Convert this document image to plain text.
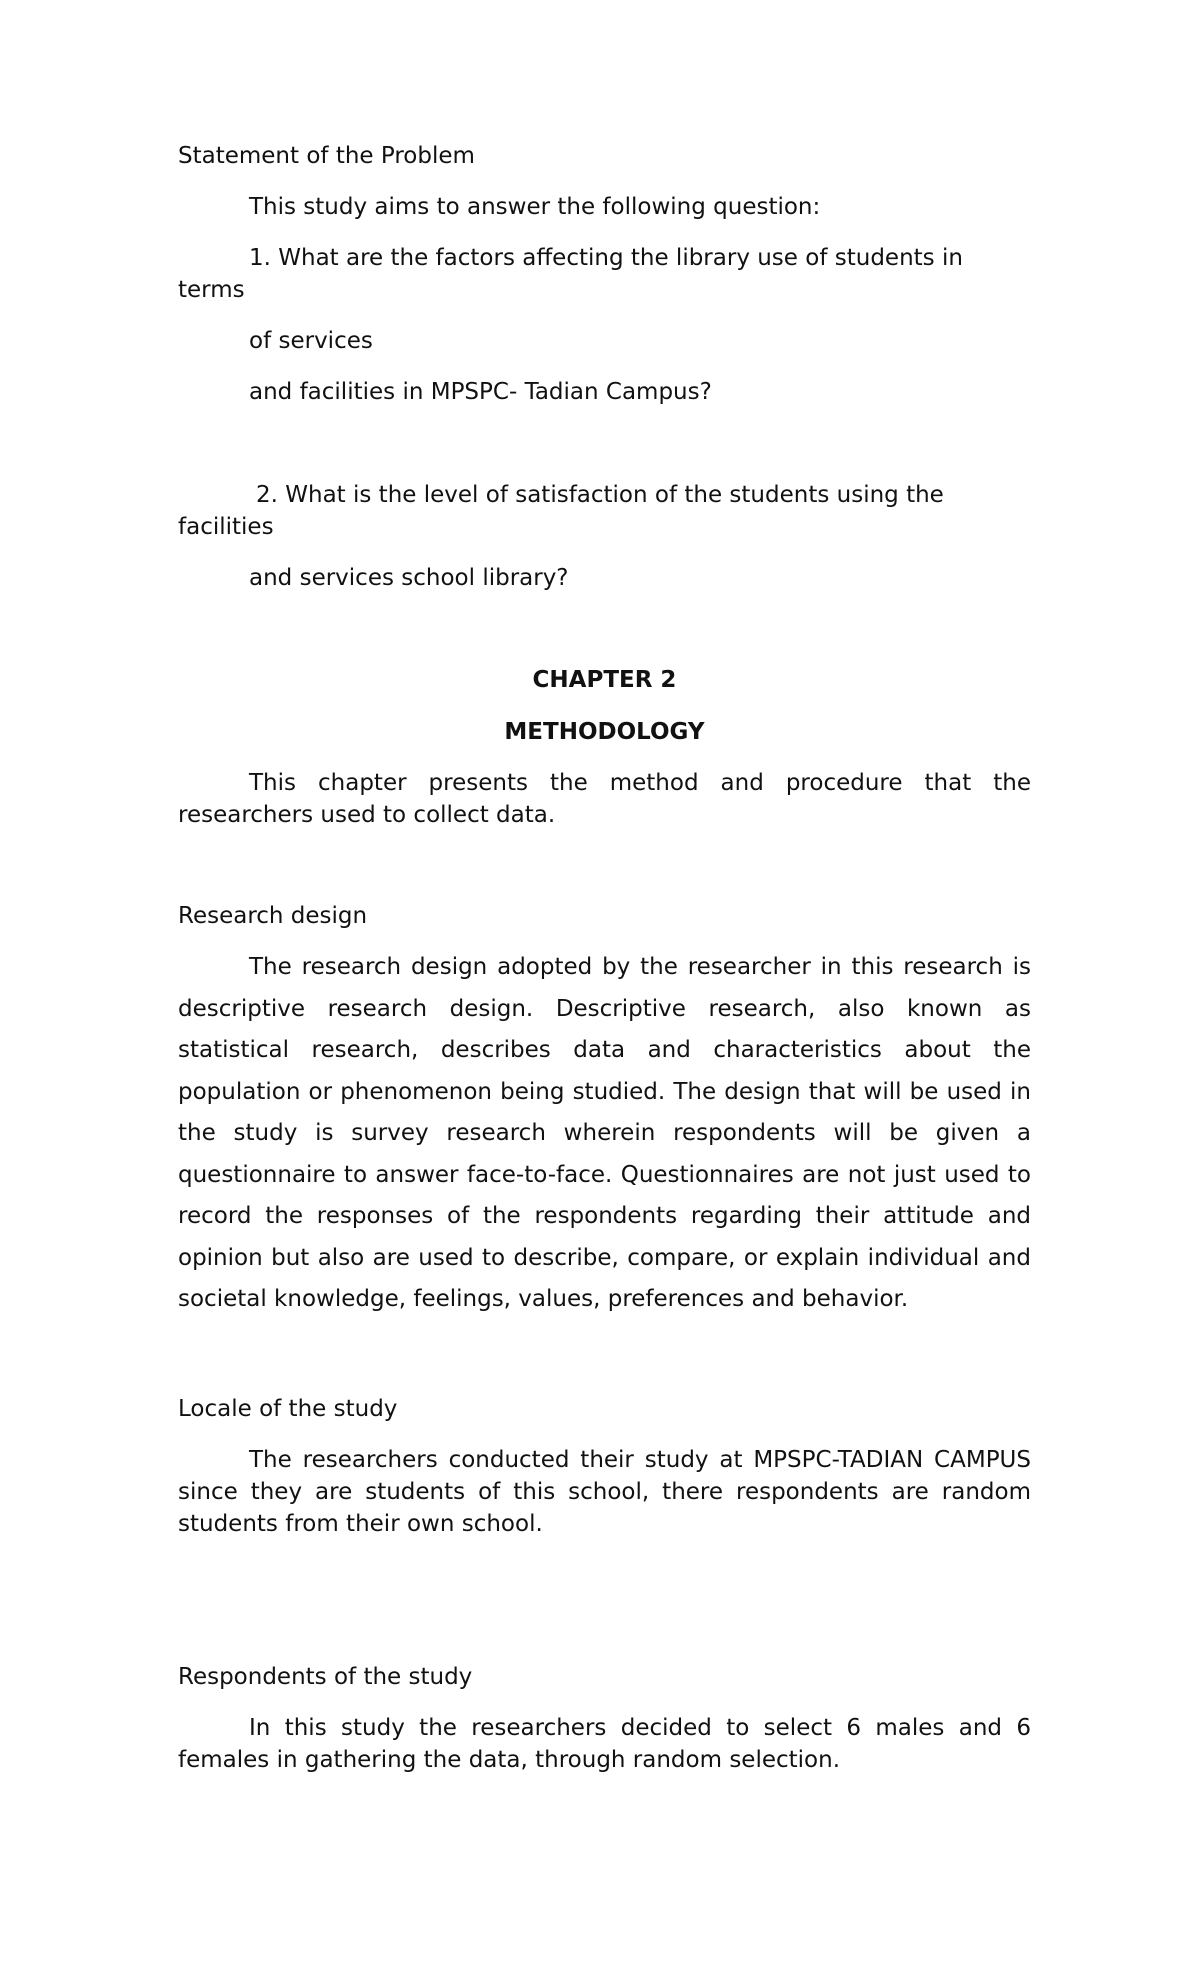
Statement of the Problem

This study aims to answer the following question:

1. What are the factors affecting the library use of students in

terms

of services

and facilities in MPSPC- Tadian Campus?

2. What is the level of satisfaction of the students using the

facilities

and services school library?

CHAPTER 2

METHODOLOGY

This chapter presents the method and procedure that the researchers used to collect data.

Research design

The research design adopted by the researcher in this research is descriptive research design. Descriptive research, also known as statistical research, describes data and characteristics about the population or phenomenon being studied. The design that will be used in the study is survey research wherein respondents will be given a questionnaire to answer face-to-face. Questionnaires are not just used to record the responses of the respondents regarding their attitude and opinion but also are used to describe, compare, or explain individual and societal knowledge, feelings, values, preferences and behavior.

Locale of the study

The researchers conducted their study at MPSPC-TADIAN CAMPUS since they are students of this school, there respondents are random students from their own school.

Respondents of the study

In this study the researchers decided to select 6 males and 6 females in gathering the data, through random selection.
